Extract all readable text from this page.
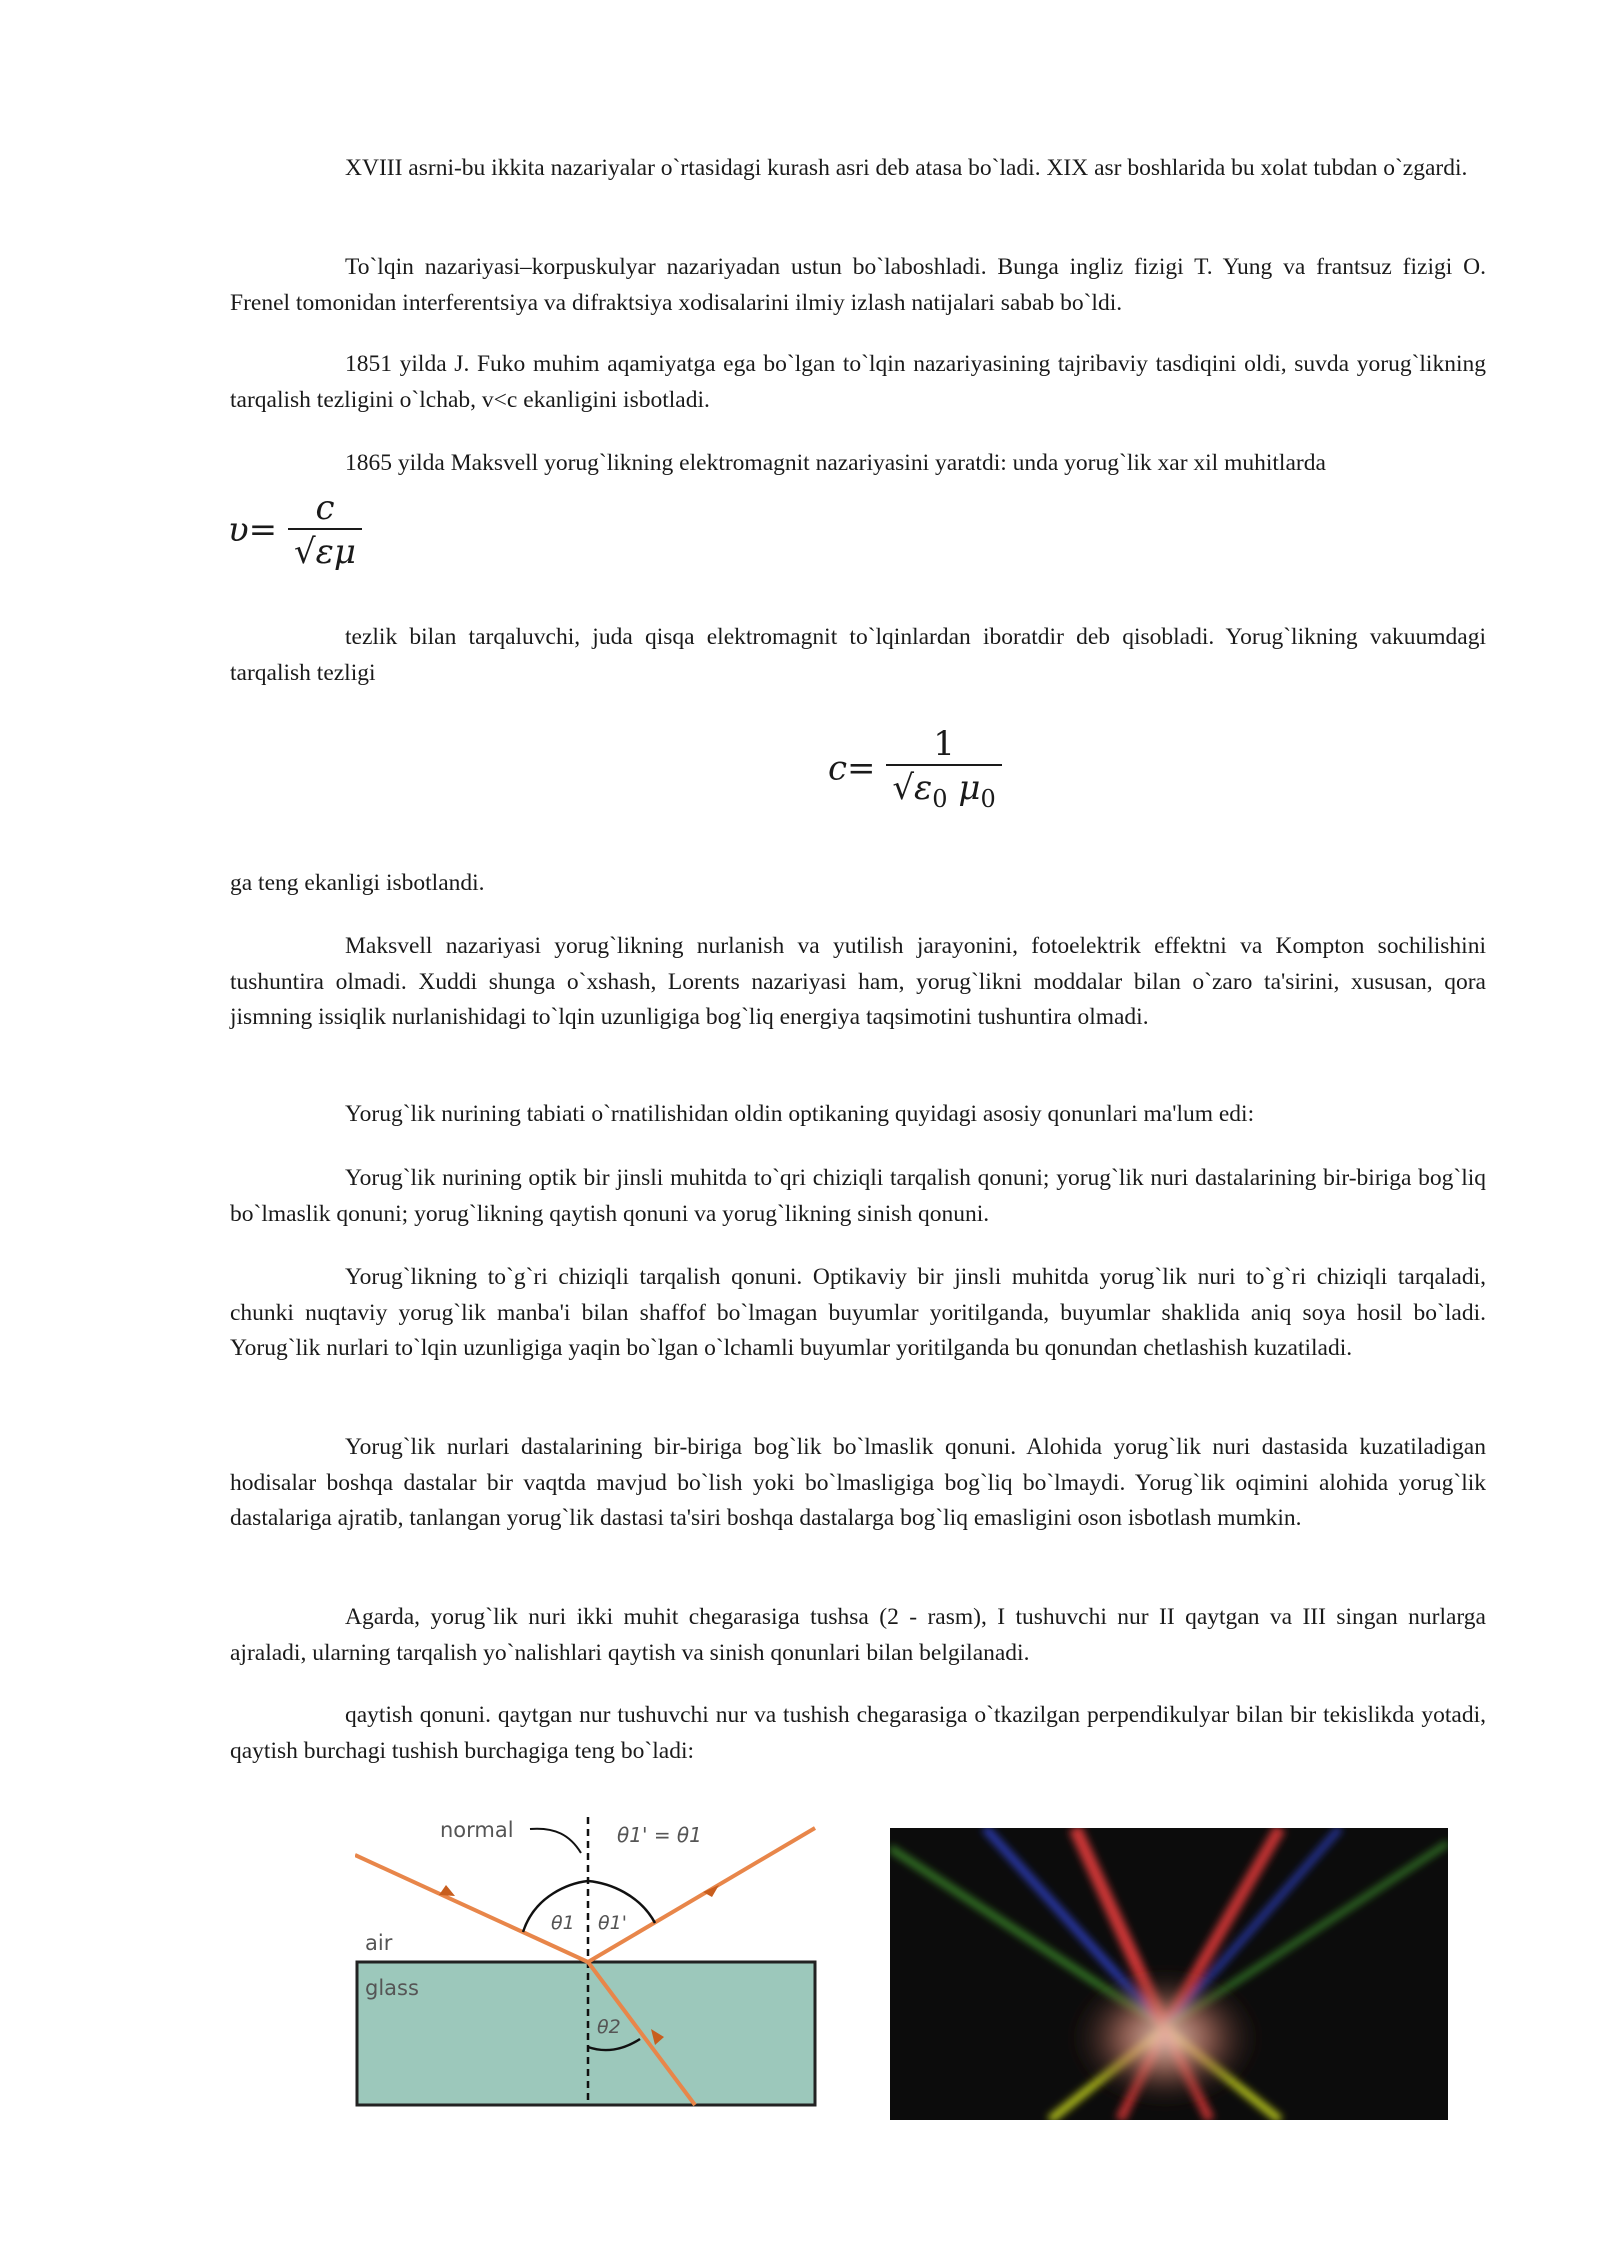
XVIII asrni-bu ikkita nazariyalar o`rtasidagi kurash asri deb atasa bo`ladi. XIX asr boshlarida bu xolat tubdan o`zgardi.

To`lqin nazariyasi–korpuskulyar nazariyadan ustun bo`laboshladi. Bunga ingliz fizigi T. Yung va frantsuz fizigi O. Frenel tomonidan interferentsiya va difraktsiya xodisalarini ilmiy izlash natijalari sabab bo`ldi.

1851 yilda J. Fuko muhim aqamiyatga ega bo`lgan to`lqin nazariyasining tajribaviy tasdiqini oldi, suvda yorug`likning tarqalish tezligini o`lchab, v<c ekanligini isbotladi.

1865 yilda Maksvell yorug`likning elektromagnit nazariyasini yaratdi: unda yorug`lik xar xil muhitlarda

tezlik bilan tarqaluvchi, juda qisqa elektromagnit to`lqinlardan iboratdir deb qisobladi. Yorug`likning vakuumdagi tarqalish tezligi

ga teng ekanligi isbotlandi.

Maksvell nazariyasi yorug`likning nurlanish va yutilish jarayonini, fotoelektrik effektni va Kompton sochilishini tushuntira olmadi. Xuddi shunga o`xshash, Lorents nazariyasi ham, yorug`likni moddalar bilan o`zaro ta'sirini, xususan, qora jismning issiqlik nurlanishidagi to`lqin uzunligiga bog`liq energiya taqsimotini tushuntira olmadi.

Yorug`lik nurining tabiati o`rnatilishidan oldin optikaning quyidagi asosiy qonunlari ma'lum edi:

Yorug`lik nurining optik bir jinsli muhitda to`qri chiziqli tarqalish qonuni; yorug`lik nuri dastalarining bir-biriga bog`liq bo`lmaslik qonuni; yorug`likning qaytish qonuni va yorug`likning sinish qonuni.

Yorug`likning to`g`ri chiziqli tarqalish qonuni. Optikaviy bir jinsli muhitda yorug`lik nuri to`g`ri chiziqli tarqaladi, chunki nuqtaviy yorug`lik manba'i bilan shaffof bo`lmagan buyumlar yoritilganda, buyumlar shaklida aniq soya hosil bo`ladi. Yorug`lik nurlari to`lqin uzunligiga yaqin bo`lgan o`lchamli buyumlar yoritilganda bu qonundan chetlashish kuzatiladi.

Yorug`lik nurlari dastalarining bir-biriga bog`lik bo`lmaslik qonuni. Alohida yorug`lik nuri dastasida kuzatiladigan hodisalar boshqa dastalar bir vaqtda mavjud bo`lish yoki bo`lmasligiga bog`liq bo`lmaydi. Yorug`lik oqimini alohida yorug`lik dastalariga ajratib, tanlangan yorug`lik dastasi ta'siri boshqa dastalarga bog`liq emasligini oson isbotlash mumkin.

Agarda, yorug`lik nuri ikki muhit chegarasiga tushsa (2 - rasm), I tushuvchi nur II qaytgan va III singan nurlarga ajraladi, ularning tarqalish yo`nalishlari qaytish va sinish qonunlari bilan belgilanadi.

qaytish qonuni. qaytgan nur tushuvchi nur va tushish chegarasiga o`tkazilgan perpendikulyar bilan bir tekislikda yotadi, qaytish burchagi tushish burchagiga teng bo`ladi:

$\upsilon= \frac{c}{√\varepsilon\mu}$
$c= \frac{1}{√\varepsilon_0 \mu_0}$
normal	θ1' = θ1
air
glass
θ1 θ1'
θ2
